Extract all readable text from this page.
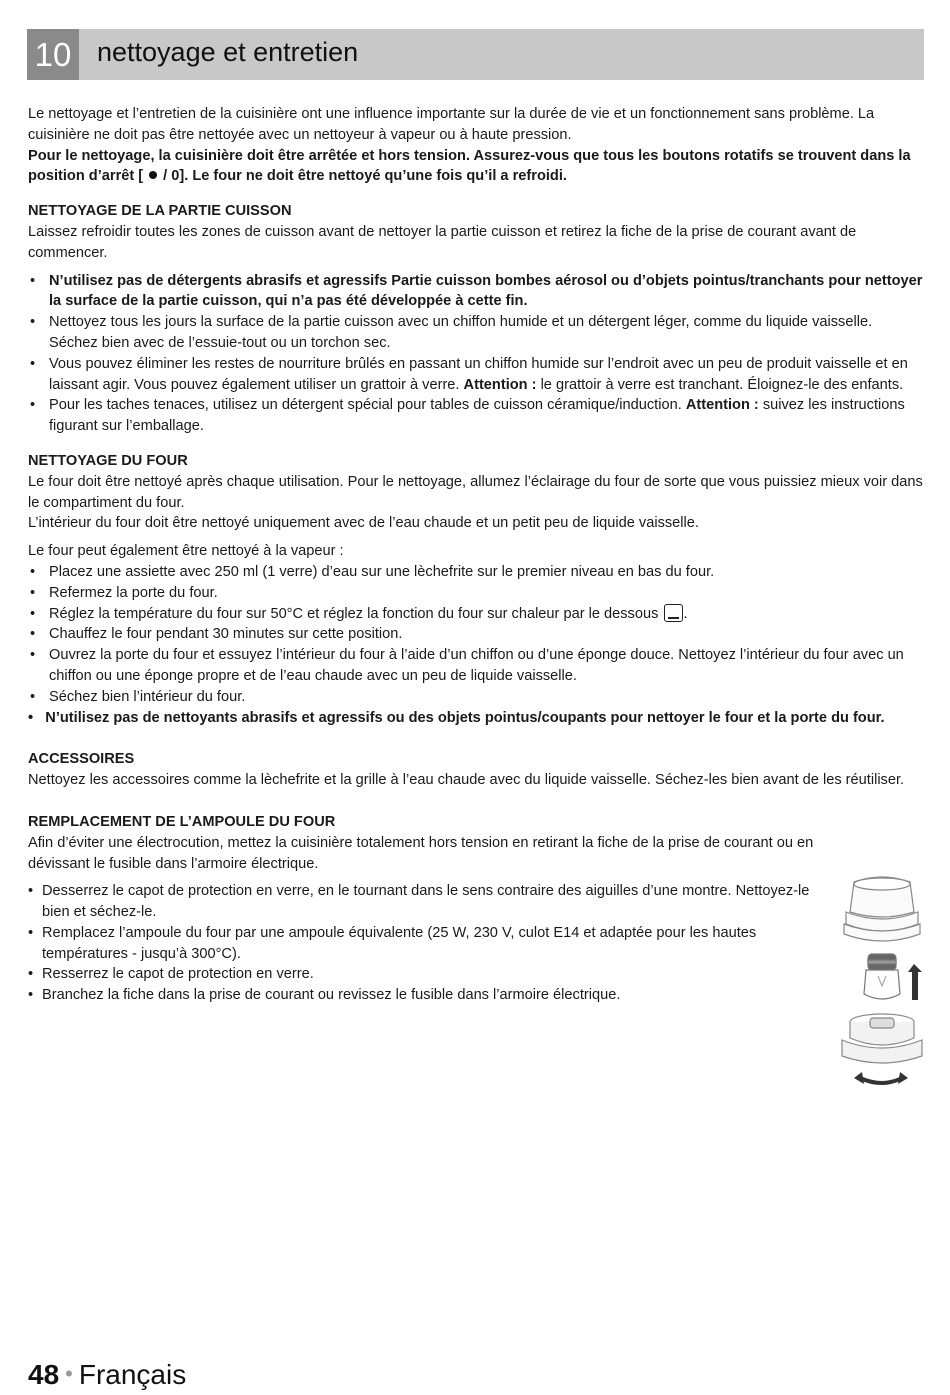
10 nettoyage et entretien

Le nettoyage et l’entretien de la cuisinière ont une influence importante sur la durée de vie et un fonctionnement sans problème. La cuisinière ne doit pas être nettoyée avec un nettoyeur à vapeur ou à haute pression.

Pour le nettoyage, la cuisinière doit être arrêtée et hors tension. Assurez-vous que tous les boutons rotatifs se trouvent dans la position d’arrêt [ / 0]. Le four ne doit être nettoyé qu’une fois qu’il a refroidi.

NETTOYAGE DE LA PARTIE CUISSON

Laissez refroidir toutes les zones de cuisson avant de nettoyer la partie cuisson et retirez la fiche de la prise de courant avant de commencer.

• N’utilisez pas de détergents abrasifs et agressifs Partie cuisson bombes aérosol ou d’objets pointus/tranchants pour nettoyer la surface de la partie cuisson, qui n’a pas été développée à cette fin.
• Nettoyez tous les jours la surface de la partie cuisson avec un chiffon humide et un détergent léger, comme du liquide vaisselle. Séchez bien avec de l’essuie-tout ou un torchon sec.
• Vous pouvez éliminer les restes de nourriture brûlés en passant un chiffon humide sur l’endroit avec un peu de produit vaisselle et en laissant agir. Vous pouvez également utiliser un grattoir à verre. Attention : le grattoir à verre est tranchant. Éloignez-le des enfants.
• Pour les taches tenaces, utilisez un détergent spécial pour tables de cuisson céramique/induction. Attention : suivez les instructions figurant sur l’emballage.
NETTOYAGE DU FOUR

Le four doit être nettoyé après chaque utilisation. Pour le nettoyage, allumez l’éclairage du four de sorte que vous puissiez mieux voir dans le compartiment du four.

L’intérieur du four doit être nettoyé uniquement avec de l’eau chaude et un petit peu de liquide vaisselle.

Le four peut également être nettoyé à la vapeur :

• Placez une assiette avec 250 ml (1 verre) d’eau sur une lèchefrite sur le premier niveau en bas du four.
• Refermez la porte du four.
• Réglez la température du four sur 50°C et réglez la fonction du four sur chaleur par le dessous .
• Chauffez le four pendant 30 minutes sur cette position.
• Ouvrez la porte du four et essuyez l’intérieur du four à l’aide d’un chiffon ou d’une éponge douce. Nettoyez l’intérieur du four avec un chiffon ou une éponge propre et de l’eau chaude avec un peu de liquide vaisselle.
• Séchez bien l’intérieur du four.

•   N’utilisez pas de nettoyants abrasifs et agressifs ou des objets pointus/coupants pour nettoyer le four et la porte du four.

ACCESSOIRES

Nettoyez les accessoires comme la lèchefrite et la grille à l’eau chaude avec du liquide vaisselle. Séchez-les bien avant de les réutiliser.

REMPLACEMENT DE L’AMPOULE DU FOUR

Afin d’éviter une électrocution, mettez la cuisinière totalement hors tension en retirant la fiche de la prise de courant ou en dévissant le fusible dans l’armoire électrique.

• Desserrez le capot de protection en verre, en le tournant dans le sens contraire des aiguilles d’une montre. Nettoyez-le bien et séchez-le.
• Remplacez l’ampoule du four par une ampoule équivalente (25 W, 230 V, culot E14 et adaptée pour les hautes températures - jusqu’à 300°C).
• Resserrez le capot de protection en verre.
• Branchez la fiche dans la prise de courant ou revissez le fusible dans l’armoire électrique.
48 • Français
